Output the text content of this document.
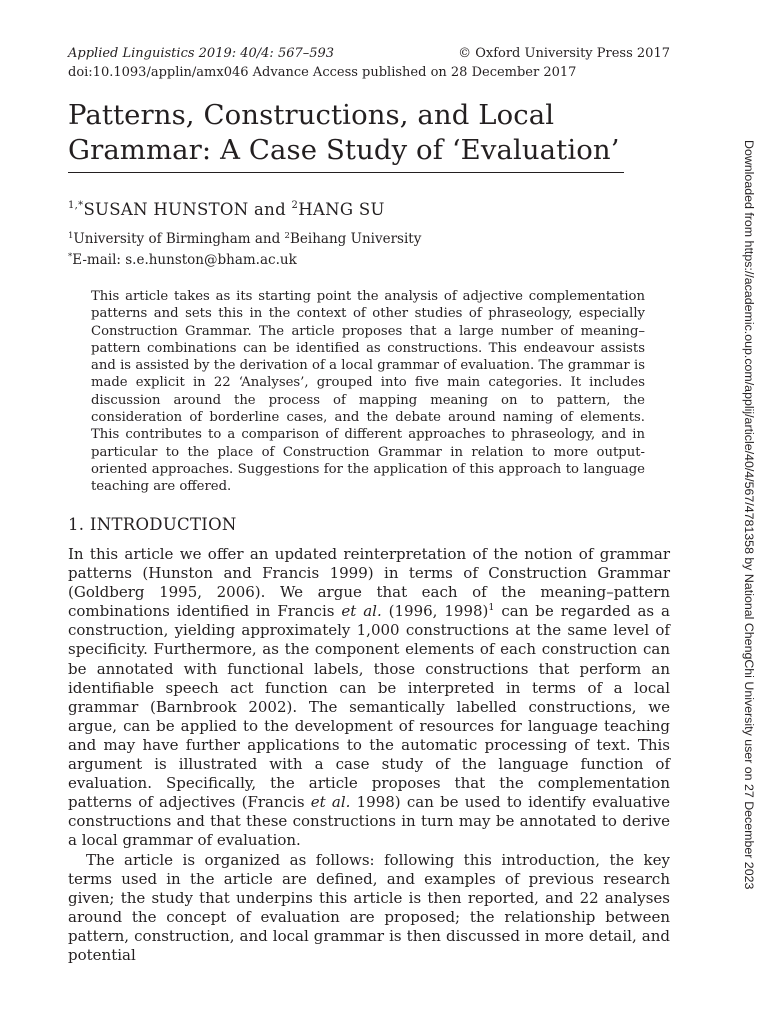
Applied Linguistics 2019: 40/4: 567–593	© Oxford University Press 2017
doi:10.1093/applin/amx046 Advance Access published on 28 December 2017
Patterns, Constructions, and Local
Grammar: A Case Study of ‘Evaluation’
$^{1,*}$SUSAN HUNSTON and $^2$HANG SU
$^1$University of Birmingham and $^2$Beihang University
*E-mail: s.e.hunston@bham.ac.uk

This article takes as its starting point the analysis of adjective complementation patterns and sets this in the context of other studies of phraseology, especially Construction Grammar. The article proposes that a large number of meaning–pattern combinations can be identified as constructions. This endeavour assists and is assisted by the derivation of a local grammar of evaluation. The grammar is made explicit in 22 ‘Analyses’, grouped into five main categories. It includes discussion around the process of mapping meaning on to pattern, the consideration of borderline cases, and the debate around naming of elements. This contributes to a comparison of different approaches to phraseology, and in particular to the place of Construction Grammar in relation to more output-oriented approaches. Suggestions for the application of this approach to language teaching are offered.

1. INTRODUCTION

In this article we offer an updated reinterpretation of the notion of grammar patterns (Hunston and Francis 1999) in terms of Construction Grammar (Goldberg 1995, 2006). We argue that each of the meaning–pattern combinations identified in Francis et al. (1996, 1998)$^1$ can be regarded as a construction, yielding approximately 1,000 constructions at the same level of specificity. Furthermore, as the component elements of each construction can be annotated with functional labels, those constructions that perform an identifiable speech act function can be interpreted in terms of a local grammar (Barnbrook 2002). The semantically labelled constructions, we argue, can be applied to the development of resources for language teaching and may have further applications to the automatic processing of text. This argument is illustrated with a case study of the language function of evaluation. Specifically, the article proposes that the complementation patterns of adjectives (Francis et al. 1998) can be used to identify evaluative constructions and that these constructions in turn may be annotated to derive a local grammar of evaluation.

The article is organized as follows: following this introduction, the key terms used in the article are defined, and examples of previous research given; the study that underpins this article is then reported, and 22 analyses around the concept of evaluation are proposed; the relationship between pattern, construction, and local grammar is then discussed in more detail, and potential

Downloaded from https://academic.oup.com/applij/article/40/4/567/4781358 by National ChengChi University user on 27 December 2023
